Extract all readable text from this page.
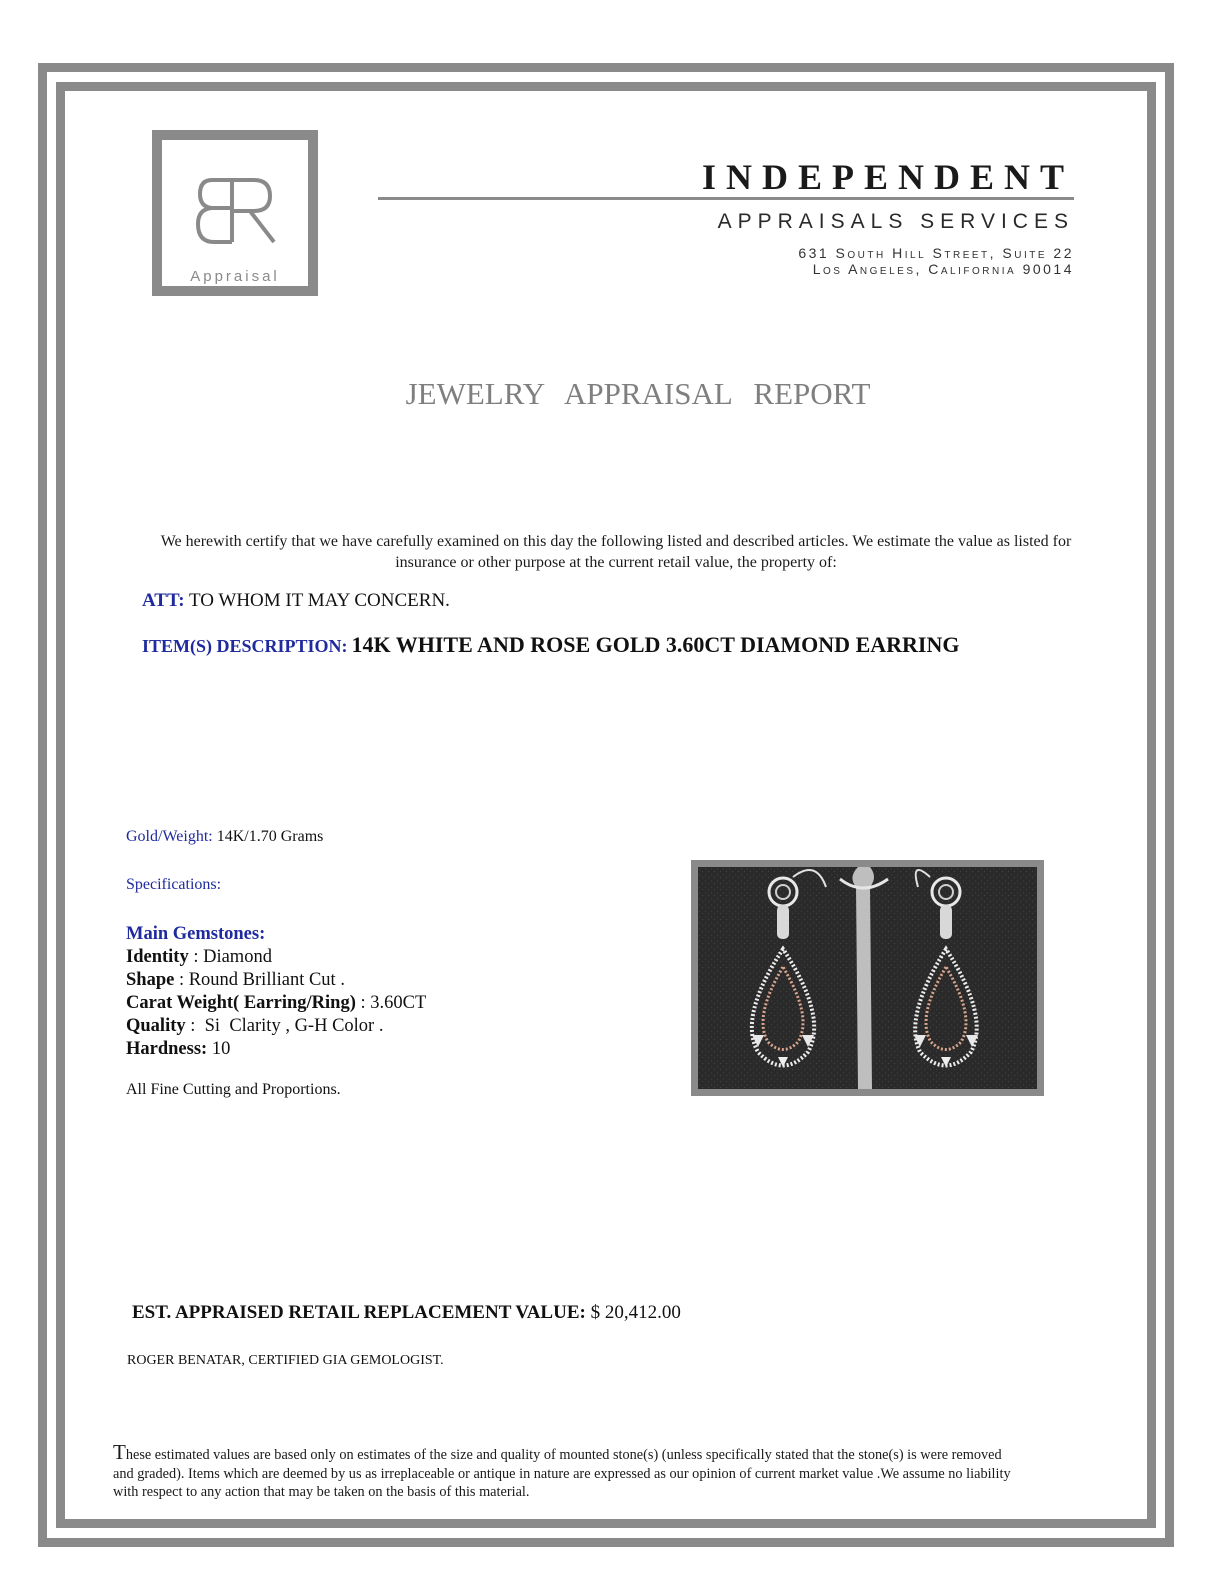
Appraisal
INDEPENDENT
APPRAISALS SERVICES
631 South Hill Street, Suite 22
Los Angeles, California 90014
JEWELRY APPRAISAL REPORT
We herewith certify that we have carefully examined on this day the following listed and described articles. We estimate the value as listed for insurance or other purpose at the current retail value, the property of:
ATT: TO WHOM IT MAY CONCERN.
ITEM(S) DESCRIPTION: 14K WHITE AND ROSE GOLD 3.60CT DIAMOND EARRING
Gold/Weight: 14K/1.70 Grams
Specifications:
Main Gemstones:
Identity : Diamond
Shape : Round Brilliant Cut .
Carat Weight( Earring/Ring) : 3.60CT
Quality :  Si  Clarity , G-H Color .
Hardness: 10
All Fine Cutting and Proportions.
EST. APPRAISED RETAIL REPLACEMENT VALUE: $ 20,412.00
ROGER BENATAR, CERTIFIED GIA GEMOLOGIST.
These estimated values are based only on estimates of the size and quality of mounted stone(s) (unless specifically stated that the stone(s) is were removed and graded). Items which are deemed by us as irreplaceable or antique in nature are expressed as our opinion of current market value .We assume no liability with respect to any action that may be taken on the basis of this material.
